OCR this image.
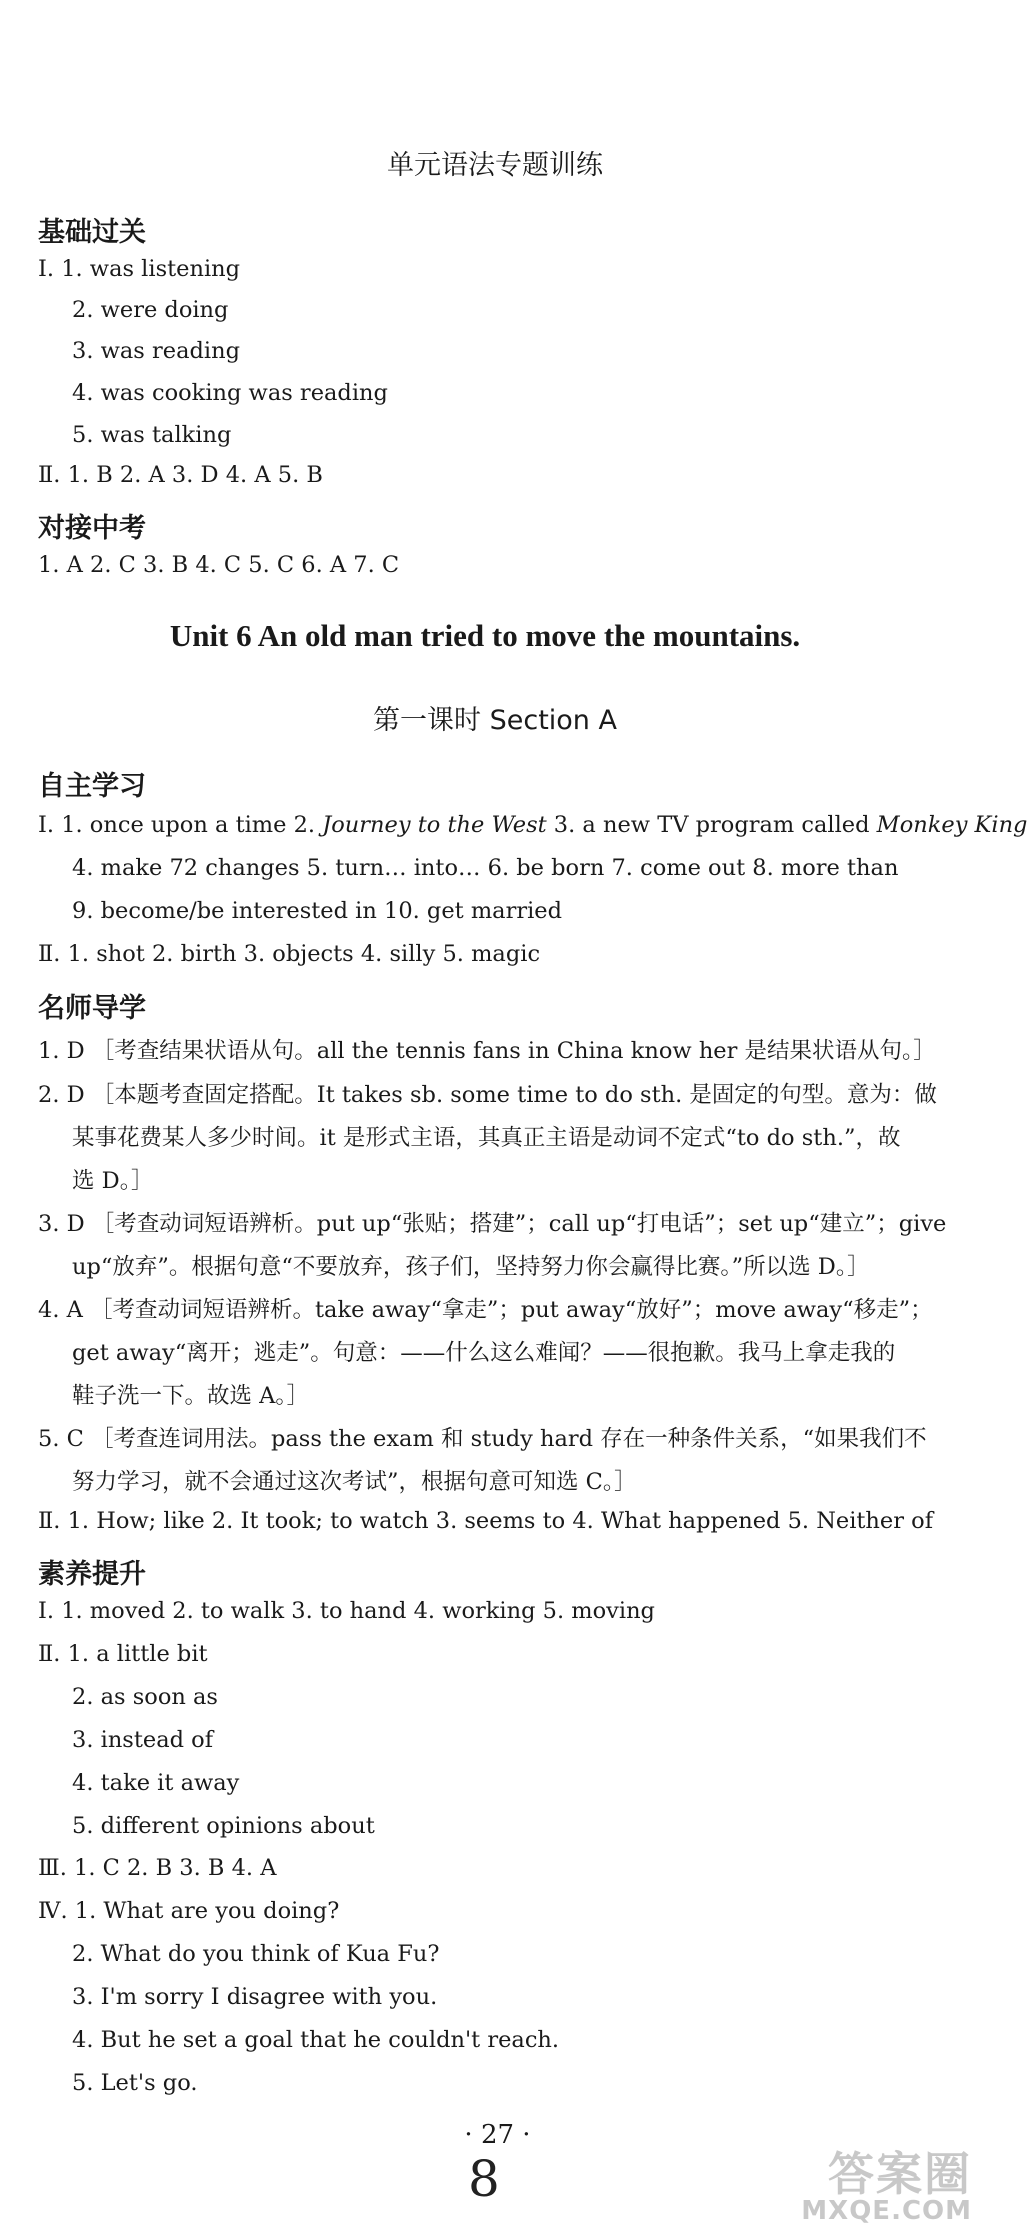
单元语法专题训练
基础过关
Ⅰ. 1. was listening
2. were doing
3. was reading
4. was cooking was reading
5. was talking
Ⅱ. 1. B 2. A 3. D 4. A 5. B
对接中考
1. A 2. C 3. B 4. C 5. C 6. A 7. C
Unit 6 An old man tried to move the mountains.
第一课时 Section A
自主学习
Ⅰ. 1. once upon a time 2. Journey to the West 3. a new TV program called Monkey King
4. make 72 changes 5. turn… into… 6. be born 7. come out 8. more than
9. become/be interested in 10. get married
Ⅱ. 1. shot 2. birth 3. objects 4. silly 5. magic
名师导学
1. D ［考查结果状语从句。all the tennis fans in China know her 是结果状语从句。］
2. D ［本题考查固定搭配。It takes sb. some time to do sth. 是固定的句型。意为：做
某事花费某人多少时间。it 是形式主语，其真正主语是动词不定式“to do sth.”，故
选 D。］
3. D ［考查动词短语辨析。put up“张贴；搭建”；call up“打电话”；set up“建立”；give
up“放弃”。根据句意“不要放弃，孩子们，坚持努力你会赢得比赛。”所以选 D。］
4. A ［考查动词短语辨析。take away“拿走”；put away“放好”；move away“移走”；
get away“离开；逃走”。句意：——什么这么难闻？——很抱歉。我马上拿走我的
鞋子洗一下。故选 A。］
5. C ［考查连词用法。pass the exam 和 study hard 存在一种条件关系，“如果我们不
努力学习，就不会通过这次考试”，根据句意可知选 C。］
Ⅱ. 1. How; like 2. It took; to watch 3. seems to 4. What happened 5. Neither of
素养提升
Ⅰ. 1. moved 2. to walk 3. to hand 4. working 5. moving
Ⅱ. 1. a little bit
2. as soon as
3. instead of
4. take it away
5. different opinions about
Ⅲ. 1. C 2. B 3. B 4. A
Ⅳ. 1. What are you doing?
2. What do you think of Kua Fu?
3. I'm sorry I disagree with you.
4. But he set a goal that he couldn't reach.
5. Let's go.
· 27 ·
8	答案圈
MXQE.COM
